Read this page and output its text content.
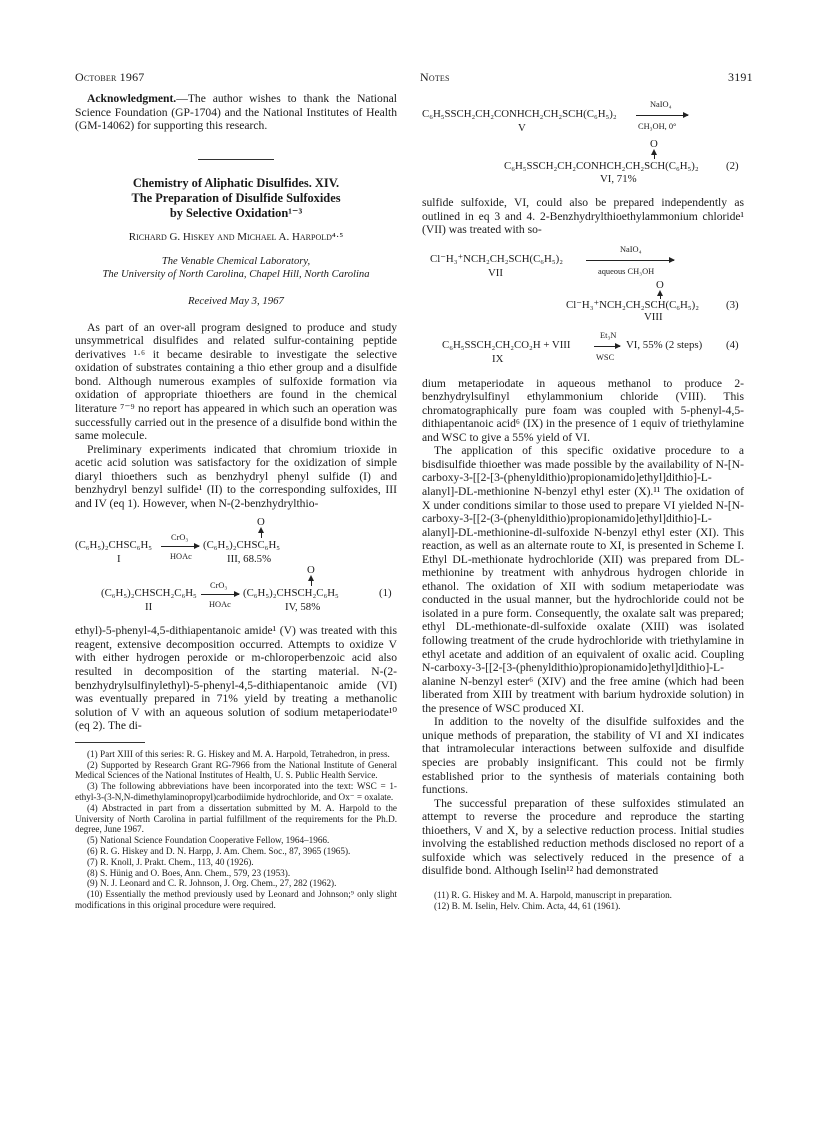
October 1967	Notes	3191

Acknowledgment.—The author wishes to thank the National Science Foundation (GP-1704) and the National Institutes of Health (GM-14062) for supporting this research.

Chemistry of Aliphatic Disulfides. XIV.
The Preparation of Disulfide Sulfoxides
by Selective Oxidation¹⁻³
Richard G. Hiskey and Michael A. Harpold⁴·⁵
The Venable Chemical Laboratory,
The University of North Carolina, Chapel Hill, North Carolina
Received May 3, 1967

As part of an over-all program designed to produce and study unsymmetrical disulfides and related sulfur-containing peptide derivatives ¹·⁶ it became desirable to investigate the selective oxidation of substrates containing a thio ether group and a disulfide bond. Although numerous examples of sulfoxide formation via oxidation of appropriate thioethers are found in the chemical literature ⁷⁻⁹ no report has appeared in which such an operation was successfully carried out in the presence of a disulfide bond within the same molecule.

Preliminary experiments indicated that chromium trioxide in acetic acid solution was satisfactory for the oxidization of simple diaryl thioethers such as benzhydryl phenyl sulfide (I) and benzhydryl benzyl sulfide¹ (II) to the corresponding sulfoxides, III and IV (eq 1). However, when N-(2-benzhydrylthio-

O
CrO₃
(C₆H₅)₂CHSC₆H₅	(C₆H₅)₂CHSC₆H₅
HOAc
I	III, 68.5%
O
CrO₃
(C₆H₅)₂CHSCH₂C₆H₅	(C₆H₅)₂CHSCH₂C₆H₅	(1)
HOAc
II	IV, 58%

ethyl)-5-phenyl-4,5-dithiapentanoic amide¹ (V) was treated with this reagent, extensive decomposition occurred. Attempts to oxidize V with either hydrogen peroxide or m-chloroperbenzoic acid also resulted in decomposition of the starting material. N-(2-benzhydrylsulfinylethyl)-5-phenyl-4,5-dithiapentanoic amide (VI) was eventually prepared in 71% yield by treating a methanolic solution of V with an aqueous solution of sodium metaperiodate¹⁰ (eq 2). The di-

(1) Part XIII of this series: R. G. Hiskey and M. A. Harpold, Tetrahedron, in press.

(2) Supported by Research Grant RG-7966 from the National Institute of General Medical Sciences of the National Institutes of Health, U. S. Public Health Service.

(3) The following abbreviations have been incorporated into the text: WSC = 1-ethyl-3-(3-N,N-dimethylaminopropyl)carbodiimide hydrochloride, and Ox⁻ = oxalate.

(4) Abstracted in part from a dissertation submitted by M. A. Harpold to the University of North Carolina in partial fulfillment of the requirements for the Ph.D. degree, June 1967.

(5) National Science Foundation Cooperative Fellow, 1964–1966.

(6) R. G. Hiskey and D. N. Harpp, J. Am. Chem. Soc., 87, 3965 (1965).

(7) R. Knoll, J. Prakt. Chem., 113, 40 (1926).

(8) S. Hünig and O. Boes, Ann. Chem., 579, 23 (1953).

(9) N. J. Leonard and C. R. Johnson, J. Org. Chem., 27, 282 (1962).

(10) Essentially the method previously used by Leonard and Johnson;⁹ only slight modifications in this original procedure were required.

NaIO₄
C₆H₅SSCH₂CH₂CONHCH₂CH₂SCH(C₆H₅)₂
CH₃OH, 0°
V
O
C₆H₅SSCH₂CH₂CONHCH₂CH₂SCH(C₆H₅)₂	(2)
VI, 71%

sulfide sulfoxide, VI, could also be prepared independently as outlined in eq 3 and 4. 2-Benzhydrylthioethylammonium chloride¹ (VII) was treated with so-

NaIO₄
Cl⁻H₃⁺NCH₂CH₂SCH(C₆H₅)₂
aqueous CH₃OH
VII
O
Cl⁻H₃⁺NCH₂CH₂SCH(C₆H₅)₂	(3)
VIII
Et₃N
C₆H₅SSCH₂CH₂CO₂H + VIII	VI, 55% (2 steps) (4)
WSC
IX

dium metaperiodate in aqueous methanol to produce 2-benzhydrylsulfinyl ethylammonium chloride (VIII). This chromatographically pure foam was coupled with 5-phenyl-4,5-dithiapentanoic acid⁶ (IX) in the presence of 1 equiv of triethylamine and WSC to give a 55% yield of VI.

The application of this specific oxidative procedure to a bisdisulfide thioether was made possible by the availability of N-[N-carboxy-3-[[2-[3-(phenyldithio)propionamido]ethyl]dithio]-L-alanyl]-DL-methionine N-benzyl ethyl ester (X).¹¹ The oxidation of X under conditions similar to those used to prepare VI yielded N-[N-carboxy-3-[[2-(3-(phenyldithio)propionamido]ethyl]dithio]-L-alanyl]-DL-methionine-dl-sulfoxide N-benzyl ethyl ester (XI). This reaction, as well as an alternate route to XI, is presented in Scheme I. Ethyl DL-methionate hydrochloride (XII) was prepared from DL-methionine by treatment with anhydrous hydrogen chloride in ethanol. The oxidation of XII with sodium metaperiodate was conducted in the usual manner, but the hydrochloride could not be isolated in a pure form. Consequently, the oxalate salt was prepared; ethyl DL-methionate-dl-sulfoxide oxalate (XIII) was isolated following treatment of the crude hydrochloride with triethylamine in ethyl acetate and addition of an equivalent of oxalic acid. Coupling N-carboxy-3-[[2-[3-(phenyldithio)propionamido]ethyl]dithio]-L-alanine N-benzyl ester⁶ (XIV) and the free amine (which had been liberated from XIII by treatment with barium hydroxide solution) in the presence of WSC produced XI.

In addition to the novelty of the disulfide sulfoxides and the unique methods of preparation, the stability of VI and XI indicates that intramolecular interactions between sulfoxide and disulfide species are probably insignificant. This could not be firmly established prior to the synthesis of materials containing both functions.

The successful preparation of these sulfoxides stimulated an attempt to reverse the procedure and reproduce the starting thioethers, V and X, by a selective reduction process. Initial studies involving the established reduction methods disclosed no report of a sulfoxide which was selectively reduced in the presence of a disulfide bond. Although Iselin¹² had demonstrated

(11) R. G. Hiskey and M. A. Harpold, manuscript in preparation.

(12) B. M. Iselin, Helv. Chim. Acta, 44, 61 (1961).
